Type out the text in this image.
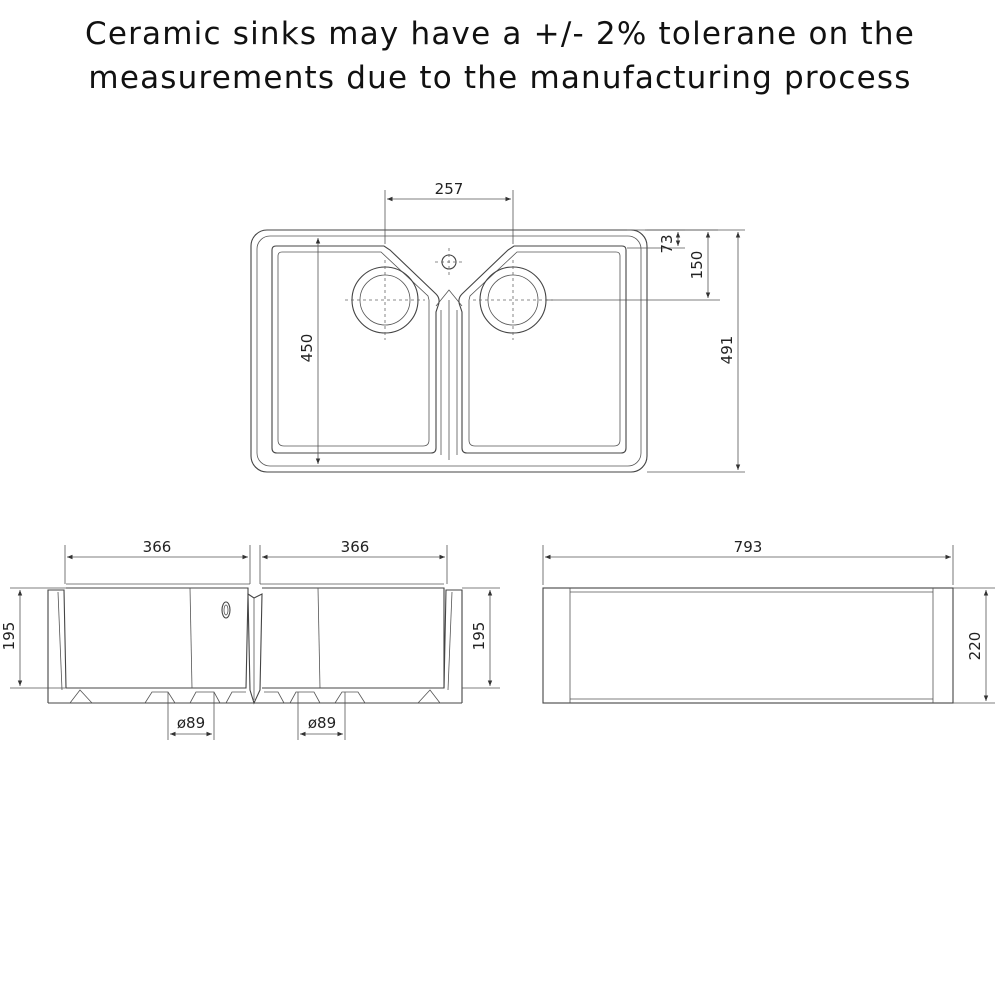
Ceramic sinks may have a +/- 2% tolerane on the
measurements due to the manufacturing process
257
73
150
491
450
366	366
195	195
ø89	ø89
793
220
